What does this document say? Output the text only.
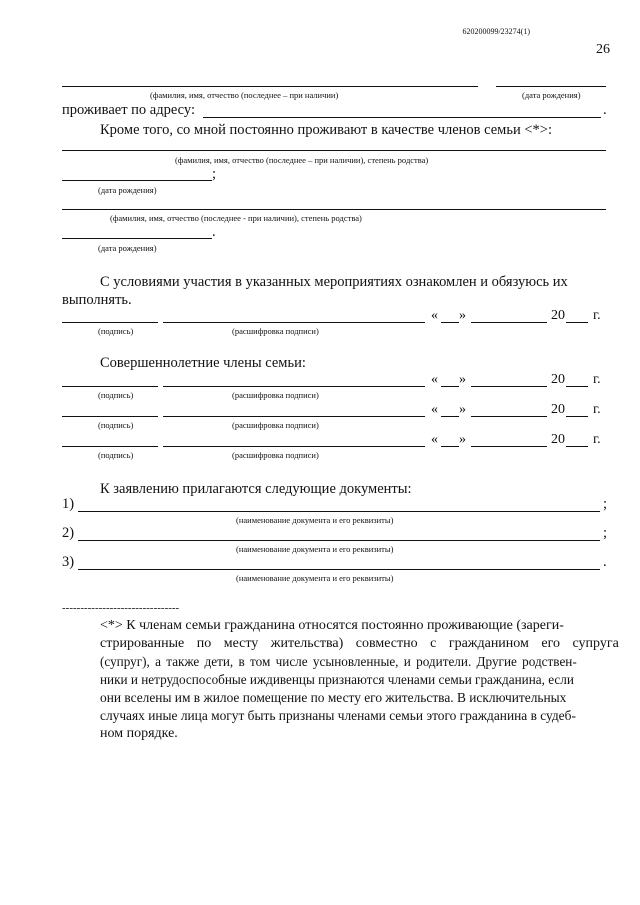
620200099/23274(1)
26
(фамилия, имя, отчество (последнее – при наличии)	(дата рождения)
проживает по адресу:	.
Кроме того, со мной постоянно проживают в качестве членов семьи <*>:
(фамилия, имя, отчество (последнее – при наличии), степень родства)
;
(дата рождения)
(фамилия, имя, отчество (последнее - при наличии), степень родства)
.
(дата рождения)
С условиями участия в указанных мероприятиях ознакомлен и обязуюсь их
выполнять.
« »	20 г.
(подпись)	(расшифровка подписи)
Совершеннолетние члены семьи:
« »	20 г.
(подпись)	(расшифровка подписи)
« »	20 г.
(подпись)	(расшифровка подписи)
« »	20 г.
(подпись)	(расшифровка подписи)
К заявлению прилагаются следующие документы:
1)	;
(наименование документа и его реквизиты)
2)	;
(наименование документа и его реквизиты)
3)	.
(наименование документа и его реквизиты)
--------------------------------
<*> К членам семьи гражданина относятся постоянно проживающие (зареги-
стрированные по месту жительства) совместно с гражданином его супруга
(супруг), а также дети, в том числе усыновленные, и родители. Другие родствен-
ники и нетрудоспособные иждивенцы признаются членами семьи гражданина, если
они вселены им в жилое помещение по месту его жительства. В исключительных
случаях иные лица могут быть признаны членами семьи этого гражданина в судеб-
ном порядке.
